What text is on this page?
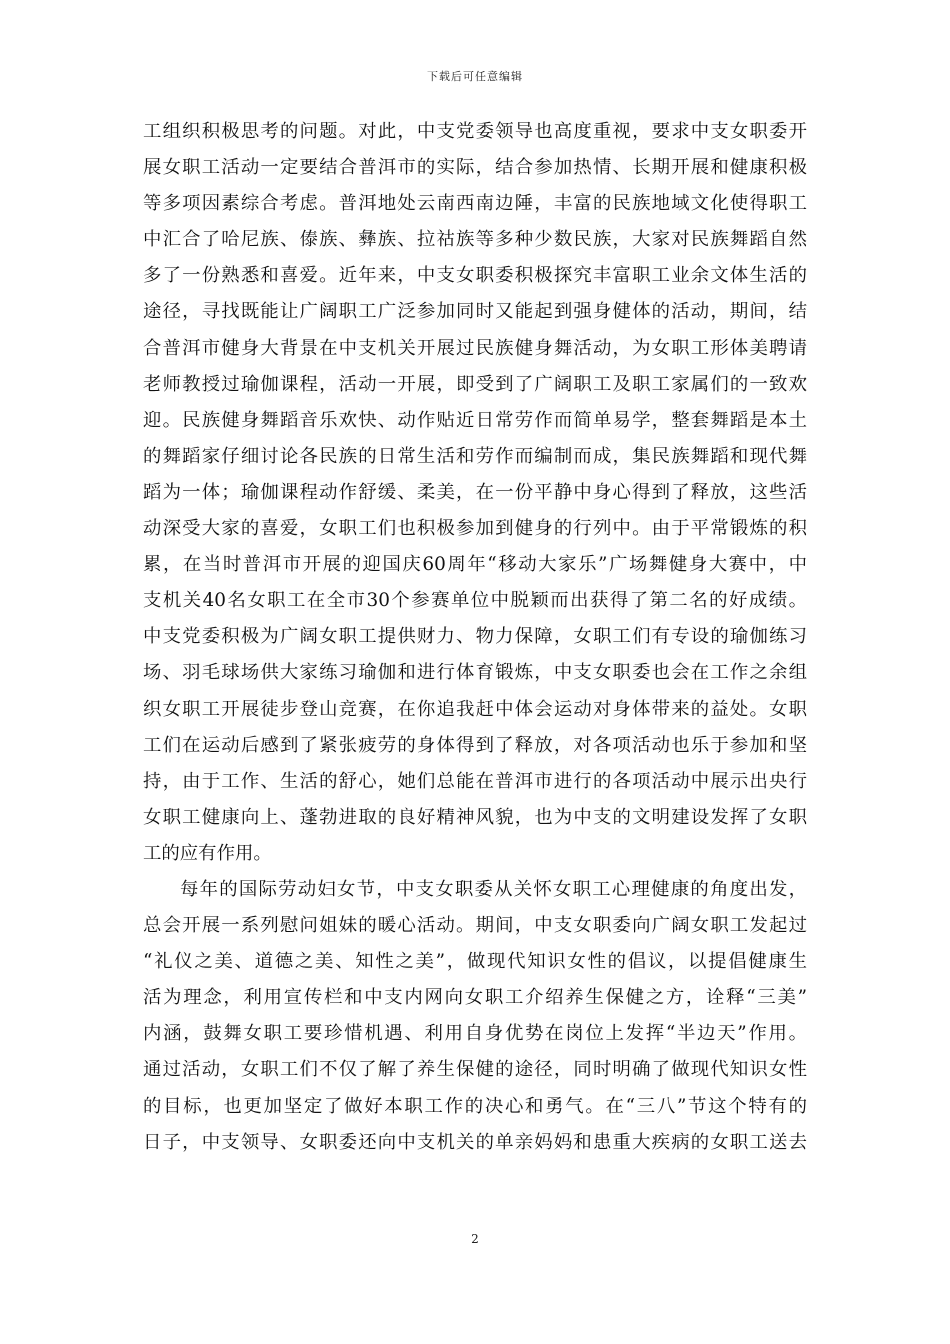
下载后可任意编辑
工组织积极思考的问题。对此，中支党委领导也高度重视，要求中支女职委开
展女职工活动一定要结合普洱市的实际，结合参加热情、长期开展和健康积极
等多项因素综合考虑。普洱地处云南西南边陲，丰富的民族地域文化使得职工
中汇合了哈尼族、傣族、彝族、拉祜族等多种少数民族，大家对民族舞蹈自然
多了一份熟悉和喜爱。近年来，中支女职委积极探究丰富职工业余文体生活的
途径，寻找既能让广阔职工广泛参加同时又能起到强身健体的活动，期间，结
合普洱市健身大背景在中支机关开展过民族健身舞活动，为女职工形体美聘请
老师教授过瑜伽课程，活动一开展，即受到了广阔职工及职工家属们的一致欢
迎。民族健身舞蹈音乐欢快、动作贴近日常劳作而简单易学，整套舞蹈是本土
的舞蹈家仔细讨论各民族的日常生活和劳作而编制而成，集民族舞蹈和现代舞
蹈为一体；瑜伽课程动作舒缓、柔美，在一份平静中身心得到了释放，这些活
动深受大家的喜爱，女职工们也积极参加到健身的行列中。由于平常锻炼的积
累，在当时普洱市开展的迎国庆60周年“移动大家乐”广场舞健身大赛中，中
支机关40名女职工在全市30个参赛单位中脱颖而出获得了第二名的好成绩。
中支党委积极为广阔女职工提供财力、物力保障，女职工们有专设的瑜伽练习
场、羽毛球场供大家练习瑜伽和进行体育锻炼，中支女职委也会在工作之余组
织女职工开展徒步登山竞赛，在你追我赶中体会运动对身体带来的益处。女职
工们在运动后感到了紧张疲劳的身体得到了释放，对各项活动也乐于参加和坚
持，由于工作、生活的舒心，她们总能在普洱市进行的各项活动中展示出央行
女职工健康向上、蓬勃进取的良好精神风貌，也为中支的文明建设发挥了女职
工的应有作用。
每年的国际劳动妇女节，中支女职委从关怀女职工心理健康的角度出发，
总会开展一系列慰问姐妹的暖心活动。期间，中支女职委向广阔女职工发起过
“礼仪之美、道德之美、知性之美”，做现代知识女性的倡议，以提倡健康生
活为理念，利用宣传栏和中支内网向女职工介绍养生保健之方，诠释“三美”
内涵，鼓舞女职工要珍惜机遇、利用自身优势在岗位上发挥“半边天”作用。
通过活动，女职工们不仅了解了养生保健的途径，同时明确了做现代知识女性
的目标，也更加坚定了做好本职工作的决心和勇气。在“三八”节这个特有的
日子，中支领导、女职委还向中支机关的单亲妈妈和患重大疾病的女职工送去
2
